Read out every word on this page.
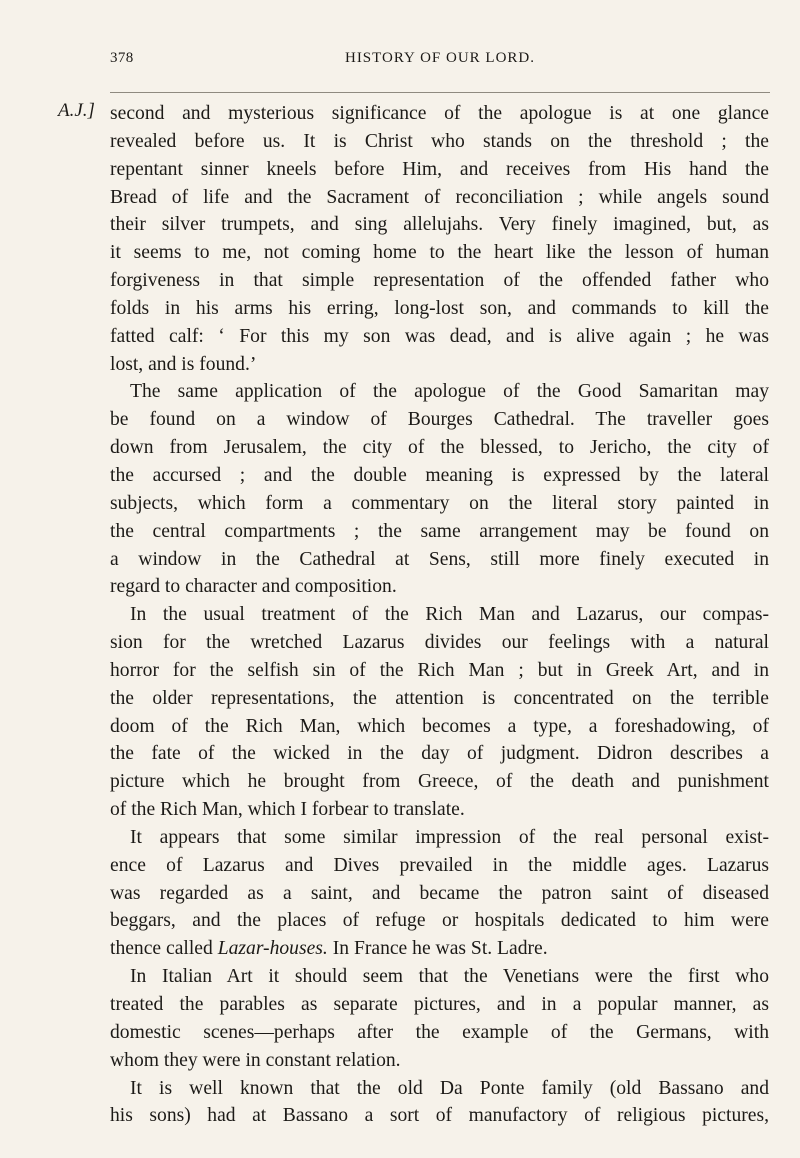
378	HISTORY OF OUR LORD.
A.J.] second and mysterious significance of the apologue is at one glance
revealed before us. It is Christ who stands on the threshold ; the
repentant sinner kneels before Him, and receives from His hand the
Bread of life and the Sacrament of reconciliation ; while angels sound
their silver trumpets, and sing allelujahs. Very finely imagined, but, as
it seems to me, not coming home to the heart like the lesson of human
forgiveness in that simple representation of the offended father who
folds in his arms his erring, long-lost son, and commands to kill the
fatted calf: ‘ For this my son was dead, and is alive again ; he was
lost, and is found.’
The same application of the apologue of the Good Samaritan may
be found on a window of Bourges Cathedral. The traveller goes
down from Jerusalem, the city of the blessed, to Jericho, the city of
the accursed ; and the double meaning is expressed by the lateral
subjects, which form a commentary on the literal story painted in
the central compartments ; the same arrangement may be found on
a window in the Cathedral at Sens, still more finely executed in
regard to character and composition.
In the usual treatment of the Rich Man and Lazarus, our compas-
sion for the wretched Lazarus divides our feelings with a natural
horror for the selfish sin of the Rich Man ; but in Greek Art, and in
the older representations, the attention is concentrated on the terrible
doom of the Rich Man, which becomes a type, a foreshadowing, of
the fate of the wicked in the day of judgment. Didron describes a
picture which he brought from Greece, of the death and punishment
of the Rich Man, which I forbear to translate.
It appears that some similar impression of the real personal exist-
ence of Lazarus and Dives prevailed in the middle ages. Lazarus
was regarded as a saint, and became the patron saint of diseased
beggars, and the places of refuge or hospitals dedicated to him were
thence called Lazar-houses. In France he was St. Ladre.
In Italian Art it should seem that the Venetians were the first who
treated the parables as separate pictures, and in a popular manner, as
domestic scenes—perhaps after the example of the Germans, with
whom they were in constant relation.
It is well known that the old Da Ponte family (old Bassano and
his sons) had at Bassano a sort of manufactory of religious pictures,
